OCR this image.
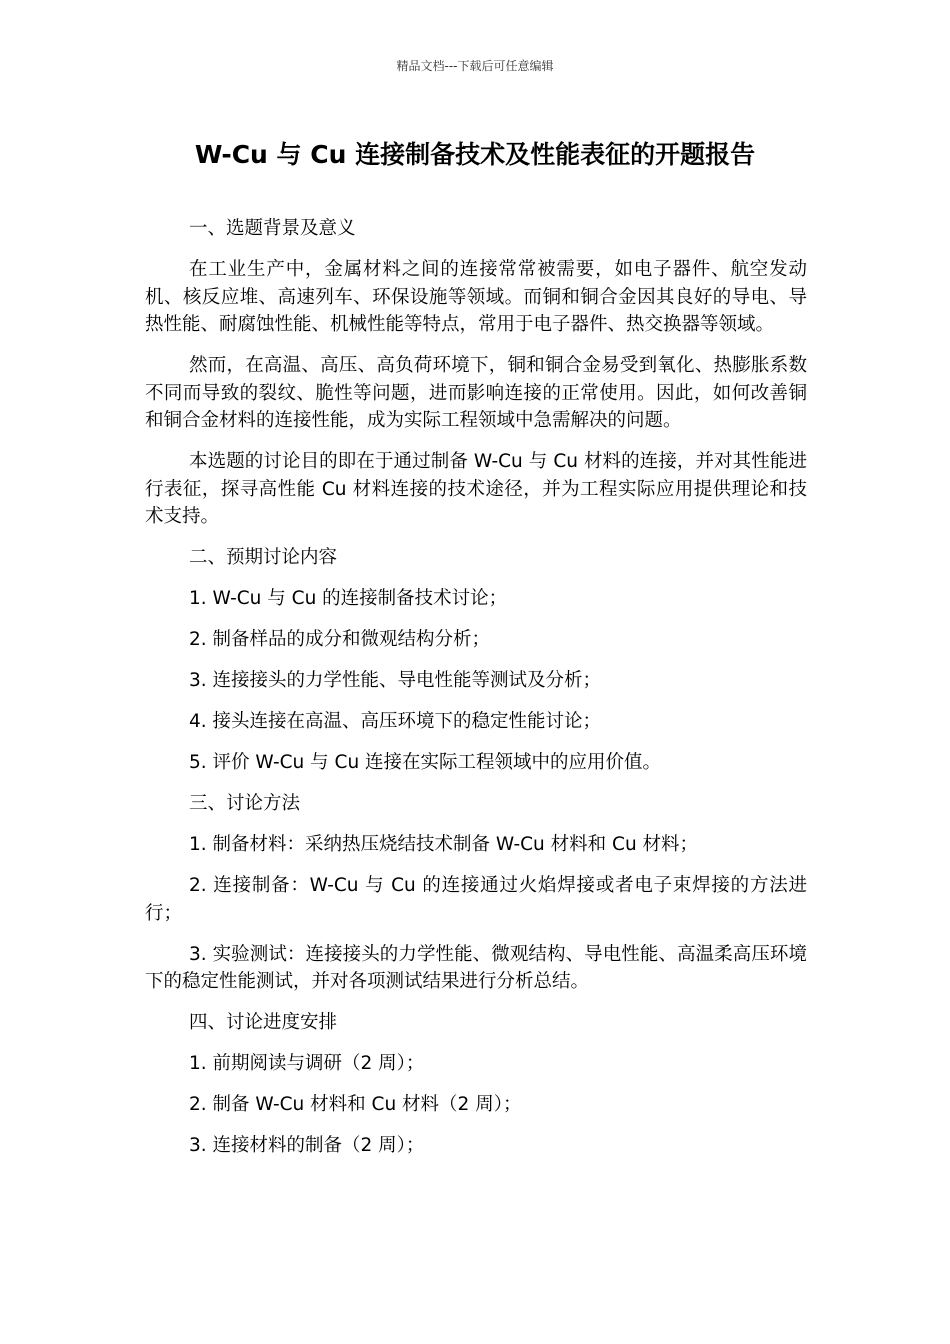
精品文档---下载后可任意编辑
W-Cu 与 Cu 连接制备技术及性能表征的开题报告
一、选题背景及意义

在工业生产中，金属材料之间的连接常常被需要，如电子器件、航空发动机、核反应堆、高速列车、环保设施等领域。而铜和铜合金因其良好的导电、导热性能、耐腐蚀性能、机械性能等特点，常用于电子器件、热交换器等领域。

然而，在高温、高压、高负荷环境下，铜和铜合金易受到氧化、热膨胀系数不同而导致的裂纹、脆性等问题，进而影响连接的正常使用。因此，如何改善铜和铜合金材料的连接性能，成为实际工程领域中急需解决的问题。

本选题的讨论目的即在于通过制备 W-Cu 与 Cu 材料的连接，并对其性能进行表征，探寻高性能 Cu 材料连接的技术途径，并为工程实际应用提供理论和技术支持。

二、预期讨论内容

1. W-Cu 与 Cu 的连接制备技术讨论；

2. 制备样品的成分和微观结构分析；

3. 连接接头的力学性能、导电性能等测试及分析；

4. 接头连接在高温、高压环境下的稳定性能讨论；

5. 评价 W-Cu 与 Cu 连接在实际工程领域中的应用价值。

三、讨论方法

1. 制备材料：采纳热压烧结技术制备 W-Cu 材料和 Cu 材料；

2. 连接制备：W-Cu 与 Cu 的连接通过火焰焊接或者电子束焊接的方法进行；

3. 实验测试：连接接头的力学性能、微观结构、导电性能、高温柔高压环境下的稳定性能测试，并对各项测试结果进行分析总结。

四、讨论进度安排

1. 前期阅读与调研（2 周）；

2. 制备 W-Cu 材料和 Cu 材料（2 周）；

3. 连接材料的制备（2 周）；
